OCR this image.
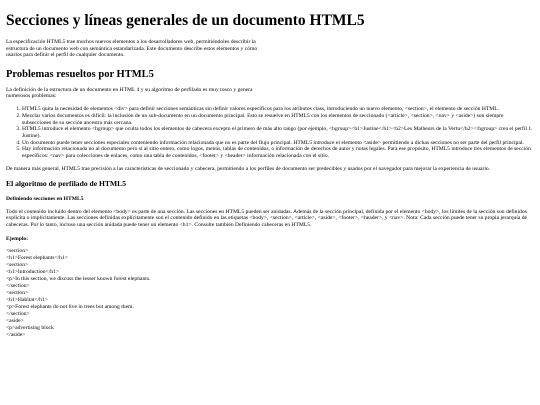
Secciones y líneas generales de un documento HTML5

La especificación HTML5 trae muchos nuevos elementos a los desarrolladores web, permitiéndoles describir la estructura de un documento web con semántica estandarizada. Este documento describe estos elementos y cómo usarlos para definir el perfil de cualquier documento.

Problemas resueltos por HTML5

La definición de la estructura de un documento en HTML 4 y su algoritmo de perfilado es muy tosco y genera numerosos problemas:

1. HTML5 quita la necesidad de elementos <div> para definir secciones semánticas sin definir valores específicos para los atributos class, introduciendo un nuevo elemento, <section>, el elemento de sección HTML.
2. Mezclar varios documentos es difícil: la inclusión de un sub-documento en un documento principal. Esto se resuelve en HTML5 con los elementos de seccionado (<article>, <section>, <nav> y <aside>) son siempre subsecciones de su sección ancestra más cercana.
3. HTML5 introduce el elemento <hgroup> que oculta todos los elementos de cabecera excepto el primero de más alto rango (por ejemplo, <hgroup><h1>Justine</h1><h2>Les Malheurs de la Vertu</h2></hgroup> crea el perfil 1. Justine).
4. Un documento puede tener secciones especiales conteniendo información relacionada que no es parte del flujo principal. HTML5 introduce el elemento <aside> permitiendo a dichas secciones no ser parte del perfil principal.
5. Hay información relacionada no al documento pero sí al sitio entero, como logos, menús, tablas de contenidos, o información de derechos de autor y notas legales. Para ese propósito, HTML5 introduce tres elementos de sección específicos: <nav> para colecciones de enlaces, como una tabla de contenidos, <footer> y <header> información relacionada con el sitio.

De manera más general, HTML5 trae precisión a las características de seccionado y cabecera, permitiendo a los perfiles de documento ser predecibles y usados por el navegador para mejorar la experiencia de usuario.

El algoritmo de perfilado de HTML5
Definiendo secciones en HTML5

Todo el contenido incluido dentro del elemento <body> es parte de una sección. Las secciones en HTML5 pueden ser anidadas. Además de la sección principal, definida por el elemento <body>, los límites de la sección son definidos explícita o implícitamente. Las secciones definidas explícitamente son el contenido definido en las etiquetas <body>, <section>, <article>, <aside>, <footer>, <header>, y <nav>. Nota: Cada sección puede tener su propia jerarquía de cabeceras. Por lo tanto, incluso una sección anidada puede tener un elemento <h1>. Consulte también Definiendo cabeceras en HTML5.

Ejemplo:
<section>
<h1>Forest elephants</h1>
<section>
<h1>Introduction</h1>
<p>In this section, we discuss the lesser known forest elephants.
</section>
<section>
<h1>Habitat</h1>
<p>Forest elephants do not live in trees but among them.
</section>
<aside>
<p>advertising block
</aside>
